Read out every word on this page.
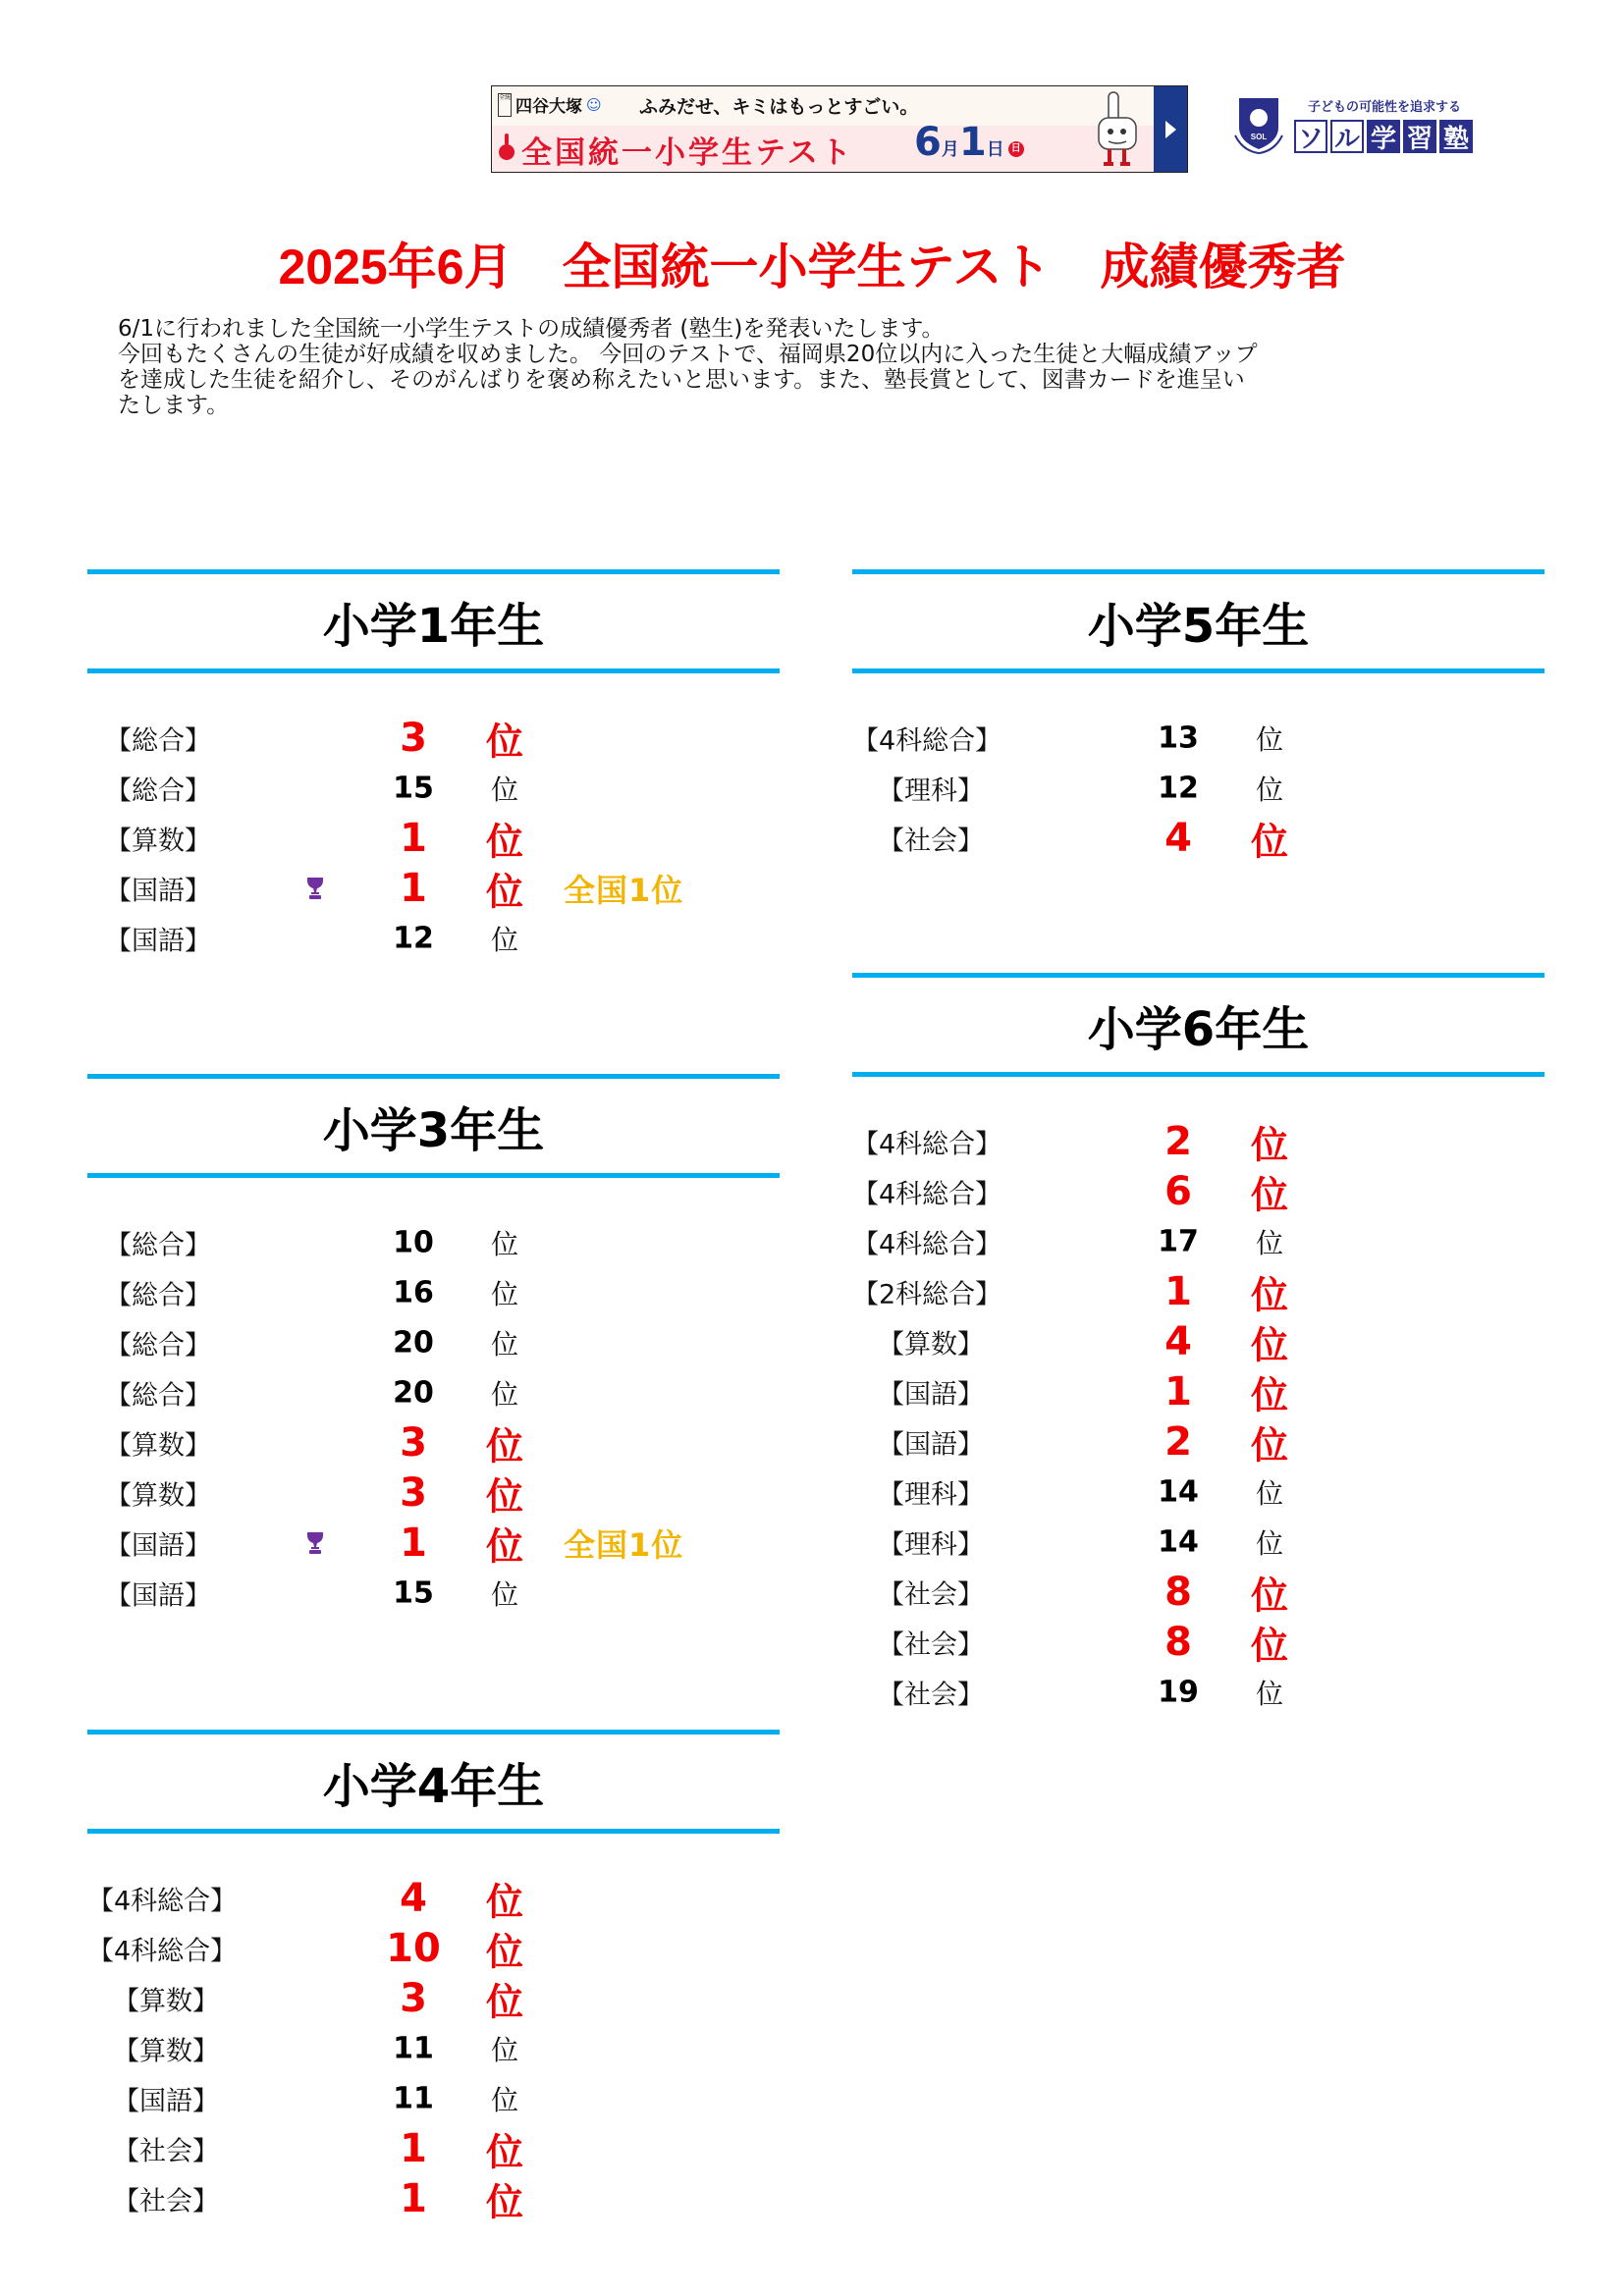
全統 四谷大塚 ☺ ふみだせ、キミはもっとすごい。
全国統一小学生テスト 6月1日 日
SOL
子どもの可能性を追求する
ソ ル 学 習 塾
2025年6月　全国統一小学生テスト　成績優秀者

6/1に行われました全国統一小学生テストの成績優秀者 (塾生)を発表いたします。

今回もたくさんの生徒が好成績を収めました。 今回のテストで、福岡県20位以内に入った生徒と大幅成績アップ

を達成した生徒を紹介し、そのがんばりを褒め称えたいと思います。また、塾長賞として、図書カードを進呈い

たします。

小学1年生
【総合】	3	位
【総合】	15	位
【算数】	1	位
【国語】	1	位 全国1位
【国語】	12	位
小学3年生
【総合】	10	位
【総合】	16	位
【総合】	20	位
【総合】	20	位
【算数】	3	位
【算数】	3	位
【国語】	1	位 全国1位
【国語】	15	位
小学4年生
【4科総合】	4	位
【4科総合】	10 位
【算数】	3	位
【算数】	11	位
【国語】	11	位
【社会】	1	位
【社会】	1	位
小学5年生
【4科総合】	13	位
【理科】	12	位
【社会】	4	位
小学6年生
【4科総合】	2	位
【4科総合】	6	位
【4科総合】	17	位
【2科総合】	1	位
【算数】	4	位
【国語】	1	位
【国語】	2	位
【理科】	14	位
【理科】	14	位
【社会】	8	位
【社会】	8	位
【社会】	19	位
